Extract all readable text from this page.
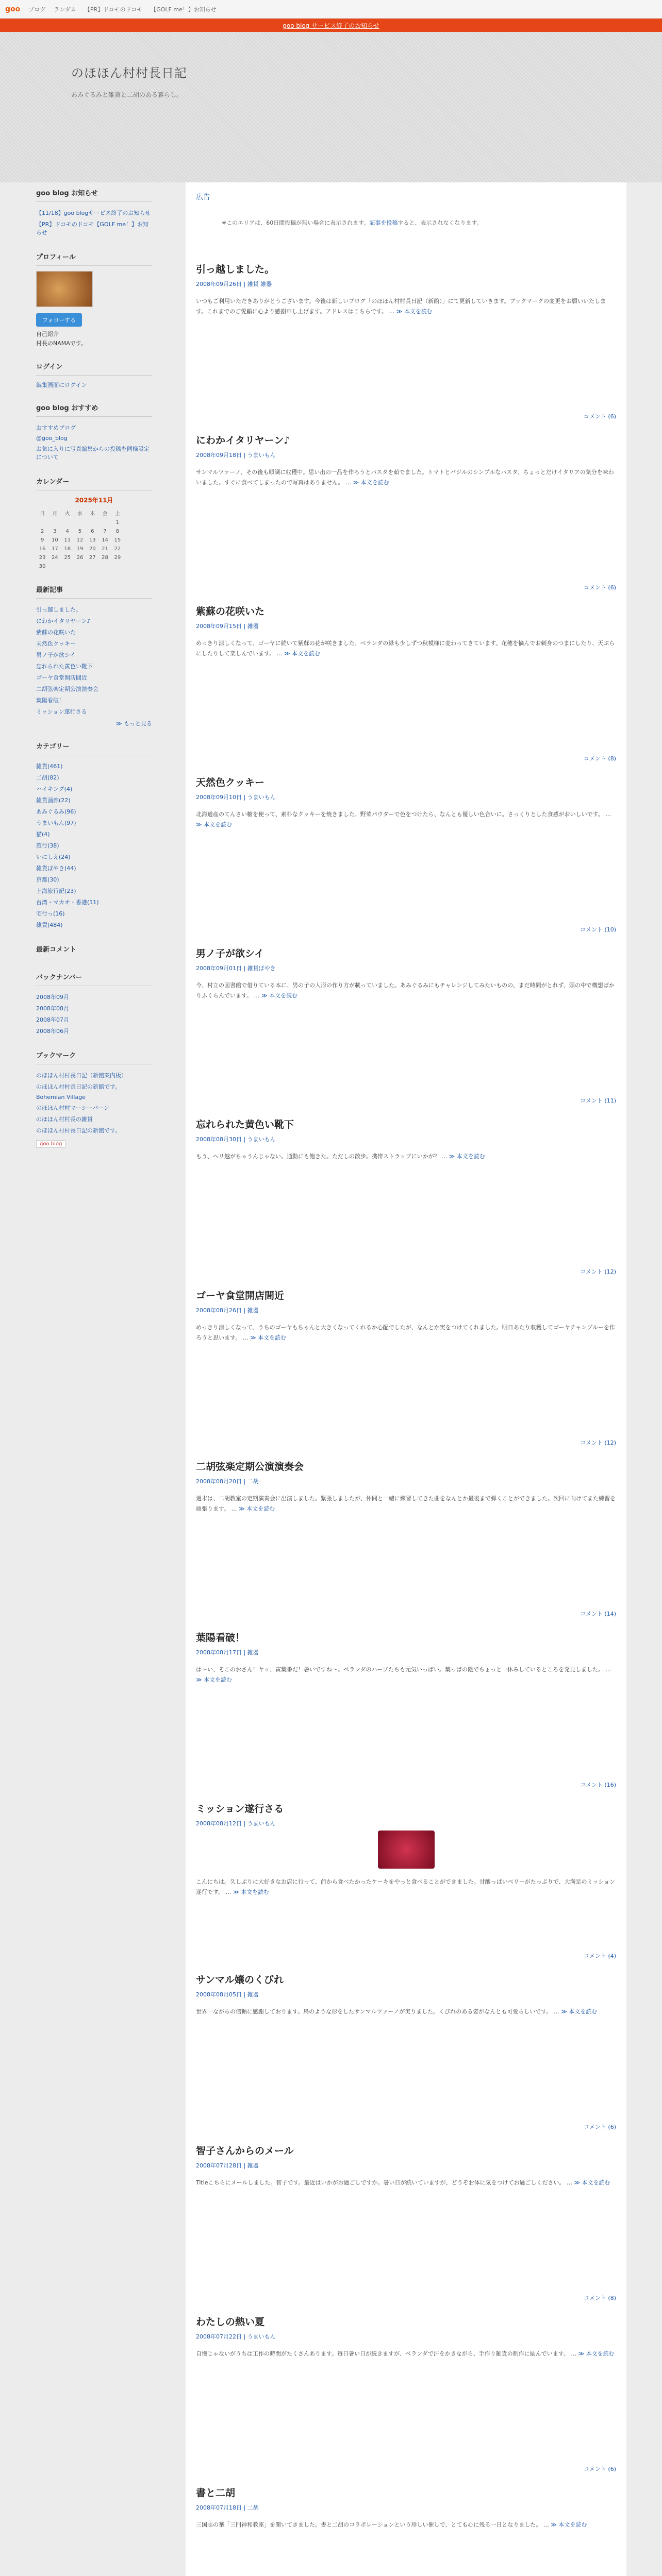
goo ブログ ランダム 【PR】ドコモのドコモ 【GOLF me！】お知らせ
goo blog サービス終了のお知らせ
のほほん村村長日記

あみぐるみと雑貨と二胡のある暮らし。

goo blog お知らせ
【11/18】goo blogサービス終了のお知らせ
【PR】ドコモのドコモ【GOLF me！】お知らせ
プロフィール
フォローする
自己紹介
村長のNAMAです。
ログイン
編集画面にログイン
goo blog おすすめ
おすすめブログ
@goo_blog
お気に入りに写真編集からの投稿を同様設定について
カレンダー
2025年11月
日	月	火	水	木	金	土
						1
2	3	4	5	6	7	8
9	10	11	12	13	14	15
16	17	18	19	20	21	22
23	24	25	26	27	28	29
30						
最新記事
引っ越しました。
にわかイタリヤーン♪
紫蘇の花咲いた
天然色クッキー
男ノ子が欲シイ
忘れられた黄色い靴下
ゴーヤ食堂開店間近
二胡弦楽定期公演演奏会
葉陽看破！
ミッション遂行さる
≫ もっと見る
カテゴリー
雑貨(461)
二胡(82)
ハイキング(4)
雑貨画廊(22)
あみぐるみ(96)
うまいもん(97)
猫(4)
旅行(38)
いにしえ(24)
雑貨ぼやき(44)
京都(30)
上海旅行記(23)
台湾・マカオ・香港(11)
宅行っ(16)
雑貨(484)
最新コメント
バックナンバー
2008年09月
2008年08月
2008年07月
2008年06月
ブックマーク
のほほん村村長日記（新館案内板）
のほほん村村長日記の新館です。
Bohemian Village
のほほん村村マーシーバーン
のほほん村村長の雑貨
のほほん村村長日記の新館です。
goo blog
広告

※このエリアは、60日間投稿が無い場合に表示されます。記事を投稿すると、表示されなくなります。

引っ越しました。
2008年09月26日 | 雑貨 雑器
いつもご利用いただきありがとうございます。今後は新しいブログ「のほほん村村長日記（新館）」にて更新していきます。ブックマークの変更をお願いいたします。これまでのご愛顧に心より感謝申し上げます。アドレスはこちらです。 … ≫ 本文を読む
コメント (6)
にわかイタリヤーン♪
2008年09月18日 | うまいもん
サンマルツァーノ、その後も順調に収穫中。思い出の一品を作ろうとパスタを茹でました。トマトとバジルのシンプルなパスタ。ちょっとだけイタリアの気分を味わいました。すぐに食べてしまったので写真はありません。 … ≫ 本文を読む
コメント (6)
紫蘇の花咲いた
2008年09月15日 | 雑器
めっきり涼しくなって、ゴーヤに続いて紫蘇の花が咲きました。ベランダの緑も少しずつ秋模様に変わってきています。花穂を摘んでお刺身のつまにしたり、天ぷらにしたりして楽しんでいます。 … ≫ 本文を読む
コメント (8)
天然色クッキー
2008年09月10日 | うまいもん
北海道産のてんさい糖を使って、素朴なクッキーを焼きました。野菜パウダーで色をつけたら、なんとも優しい色合いに。さっくりとした食感がおいしいです。 … ≫ 本文を読む
コメント (10)
男ノ子が欲シイ
2008年09月01日 | 雑貨ぼやき
今、村立の図書館で借りている本に、男の子の人形の作り方が載っていました。あみぐるみにもチャレンジしてみたいものの、まだ時間がとれず、頭の中で構想ばかりふくらんでいます。 … ≫ 本文を読む
コメント (11)
忘れられた黄色い靴下
2008年08月30日 | うまいもん
もう、ヘリ越がちゃうんじゃない。通勤にも飽きた。ただしの散歩。携帯ストラップにいかが？ … ≫ 本文を読む
コメント (12)
ゴーヤ食堂開店間近
2008年08月26日 | 雑器
めっきり涼しくなって、うちのゴーヤもちゃんと大きくなってくれるか心配でしたが、なんとか実をつけてくれました。明日あたり収穫してゴーヤチャンプルーを作ろうと思います。 … ≫ 本文を読む
コメント (12)
二胡弦楽定期公演演奏会
2008年08月20日 | 二胡
週末は、二胡教室の定期演奏会に出演しました。緊張しましたが、仲間と一緒に練習してきた曲をなんとか最後まで弾くことができました。次回に向けてまた練習を頑張ります。 … ≫ 本文を読む
コメント (14)
葉陽看破！
2008年08月17日 | 雑器
は～い、そこのおさん！ヤッ、寅葉番だ！暑いですね～。ベランダのハーブたちも元気いっぱい。葉っぱの陰でちょっと一休みしているところを発見しました。 … ≫ 本文を読む
コメント (16)
ミッション遂行さる
2008年08月12日 | うまいもん
こんにちは。久しぶりに大好きなお店に行って、前から食べたかったケーキをやっと食べることができました。甘酸っぱいベリーがたっぷりで、大満足のミッション遂行です。 … ≫ 本文を読む
コメント (4)
サンマル嬢のくびれ
2008年08月05日 | 雑器
世界一ながらの信頼に感謝しております。鳥のような形をしたサンマルツァーノが実りました。くびれのある姿がなんとも可愛らしいです。 … ≫ 本文を読む
コメント (6)
智子さんからのメール
2008年07月28日 | 雑器
Titleこちらにメールしました。智子です。最近はいかがお過ごしですか。暑い日が続いていますが、どうぞお体に気をつけてお過ごしください。 … ≫ 本文を読む
コメント (8)
わたしの熱い夏
2008年07月22日 | うまいもん
自慢じゃないがうちは工作の時間がたくさんあります。毎日暑い日が続きますが、ベランダで汗をかきながら、手作り雑貨の制作に励んでいます。 … ≫ 本文を読む
コメント (6)
書と二胡
2008年07月18日 | 二胡
三国志の華「三門神和教座」を聞いてきました。書と二胡のコラボレーションという珍しい催しで、とても心に残る一日となりました。 … ≫ 本文を読む
